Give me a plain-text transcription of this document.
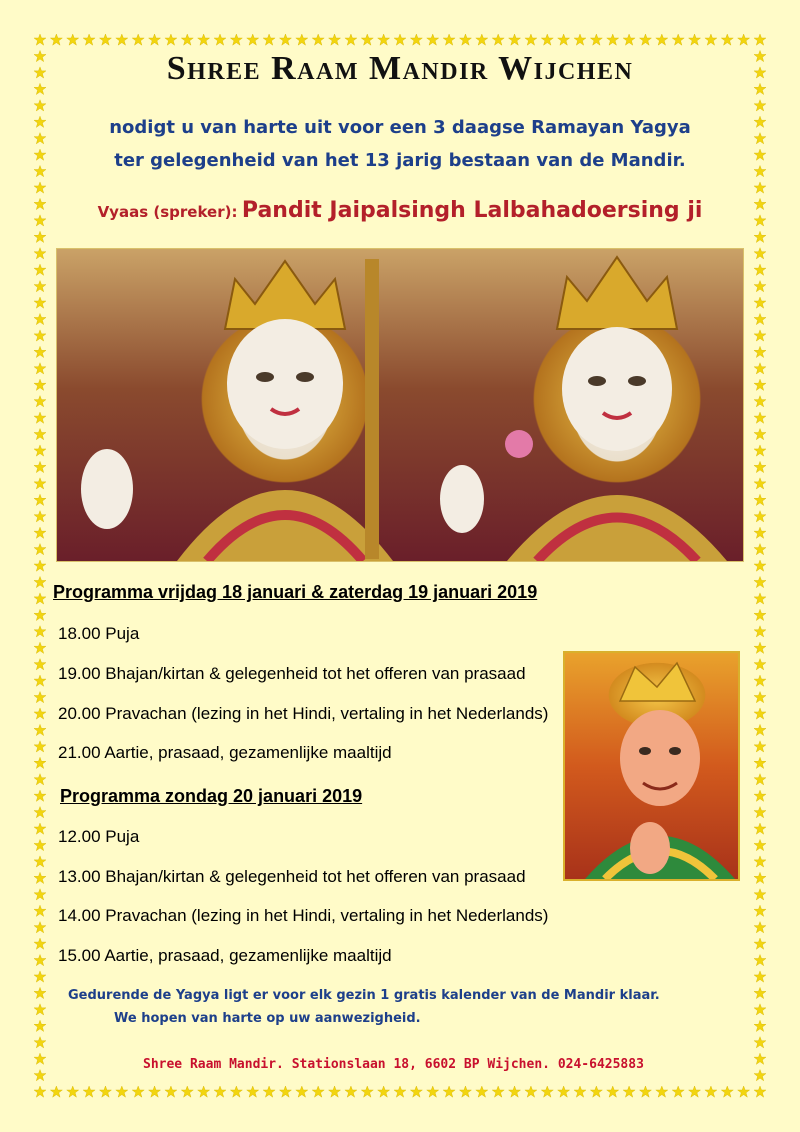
Shree Raam Mandir Wijchen
nodigt u van harte uit voor een 3 daagse Ramayan Yagya
ter gelegenheid van het 13 jarig bestaan van de Mandir.
Vyaas (spreker): Pandit Jaipalsingh Lalbahadoersing ji
Programma vrijdag 18 januari & zaterdag 19 januari 2019
18.00 Puja
19.00 Bhajan/kirtan & gelegenheid tot het offeren van prasaad
20.00 Pravachan (lezing in het Hindi, vertaling in het Nederlands)
21.00 Aartie, prasaad, gezamenlijke maaltijd
Programma zondag 20 januari 2019
12.00 Puja
13.00 Bhajan/kirtan & gelegenheid tot het offeren van prasaad
14.00 Pravachan (lezing in het Hindi, vertaling in het Nederlands)
15.00 Aartie, prasaad, gezamenlijke maaltijd
Gedurende de Yagya ligt er voor elk gezin 1 gratis kalender van de Mandir klaar.
We hopen van harte op uw aanwezigheid.
Shree Raam Mandir. Stationslaan 18, 6602 BP Wijchen. 024-6425883
